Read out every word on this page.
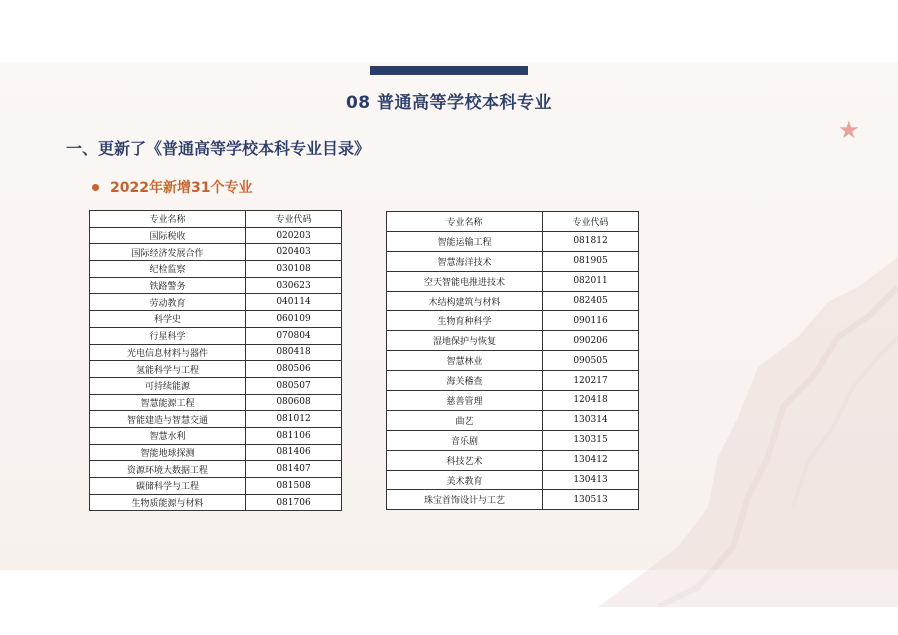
08 普通高等学校本科专业
一、更新了《普通高等学校本科专业目录》
★
2022年新增31个专业
专业名称	专业代码
国际税收	020203
国际经济发展合作	020403
纪检监察	030108
铁路警务	030623
劳动教育	040114
科学史	060109
行星科学	070804
光电信息材料与器件	080418
氢能科学与工程	080506
可持续能源	080507
智慧能源工程	080608
智能建造与智慧交通	081012
智慧水利	081106
智能地球探测	081406
资源环境大数据工程	081407
碳储科学与工程	081508
生物质能源与材料	081706
专业名称	专业代码
智能运输工程	081812
智慧海洋技术	081905
空天智能电推进技术	082011
木结构建筑与材料	082405
生物育种科学	090116
湿地保护与恢复	090206
智慧林业	090505
海关稽查	120217
慈善管理	120418
曲艺	130314
音乐剧	130315
科技艺术	130412
美术教育	130413
珠宝首饰设计与工艺	130513
